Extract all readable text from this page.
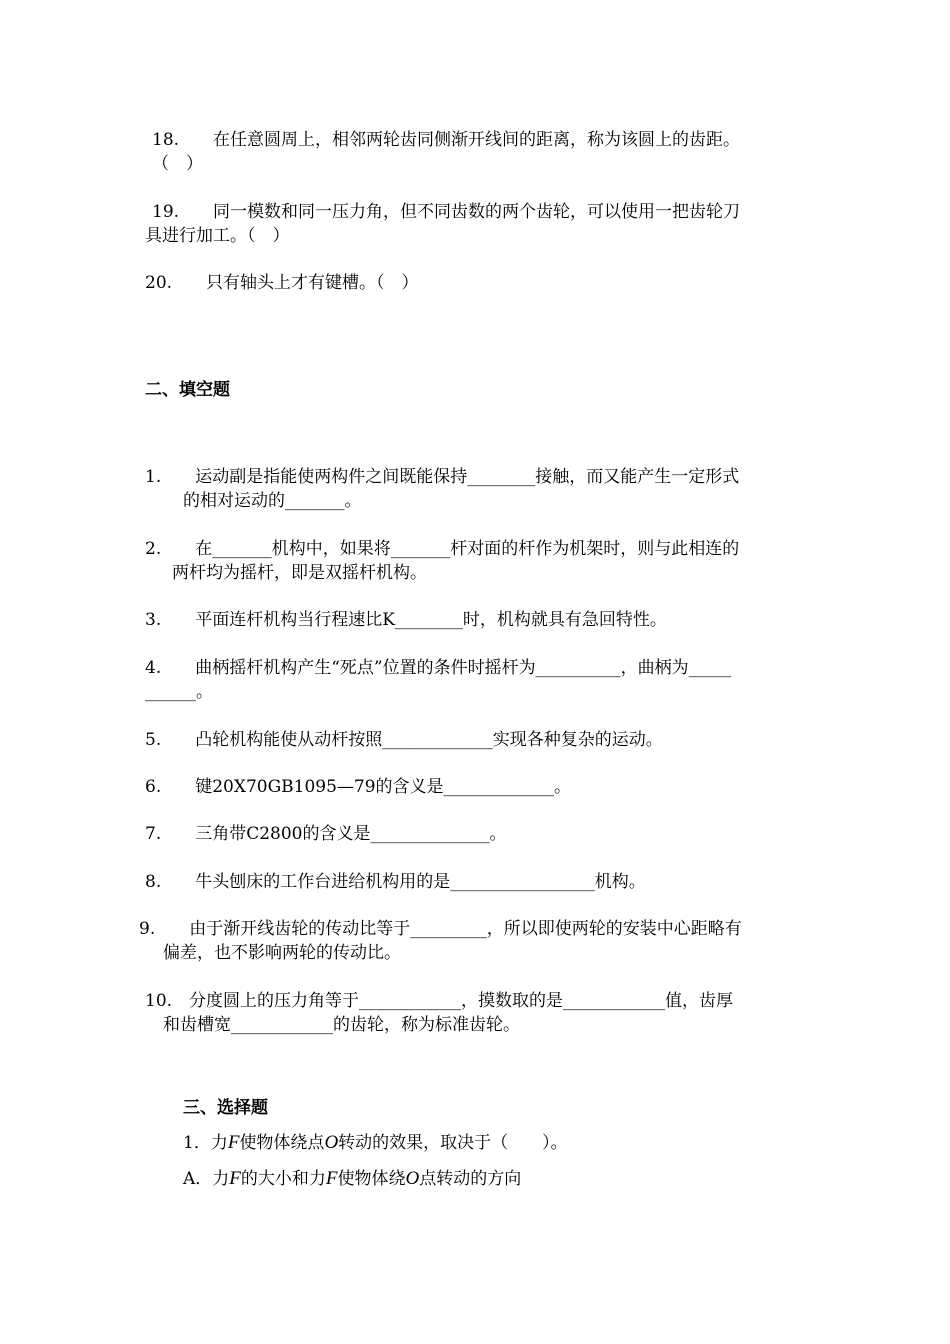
18.　　在任意圆周上，相邻两轮齿同侧渐开线间的距离，称为该圆上的齿距。
（　）
19.　　同一模数和同一压力角，但不同齿数的两个齿轮，可以使用一把齿轮刀
具进行加工。（　）
20.　　只有轴头上才有键槽。（　）
二、填空题
1.　　运动副是指能使两构件之间既能保持________接触，而又能产生一定形式
的相对运动的_______。
2.　　在_______机构中，如果将_______杆对面的杆作为机架时，则与此相连的
两杆均为摇杆，即是双摇杆机构。
3.　　平面连杆机构当行程速比K________时，机构就具有急回特性。
4.　　曲柄摇杆机构产生“死点”位置的条件时摇杆为__________，曲柄为_____
______。
5.　　凸轮机构能使从动杆按照_____________实现各种复杂的运动。
6.　　键20X70GB1095—79的含义是_____________。
7.　　三角带C2800的含义是______________。
8.　　牛头刨床的工作台进给机构用的是_________________机构。
9.　　由于渐开线齿轮的传动比等于_________，所以即使两轮的安装中心距略有
偏差，也不影响两轮的传动比。
10.　分度圆上的压力角等于____________，摸数取的是____________值，齿厚
和齿槽宽____________的齿轮，称为标准齿轮。
三、选择题
1．力F使物体绕点O转动的效果，取决于（　　）。
A．力F的大小和力F使物体绕O点转动的方向
